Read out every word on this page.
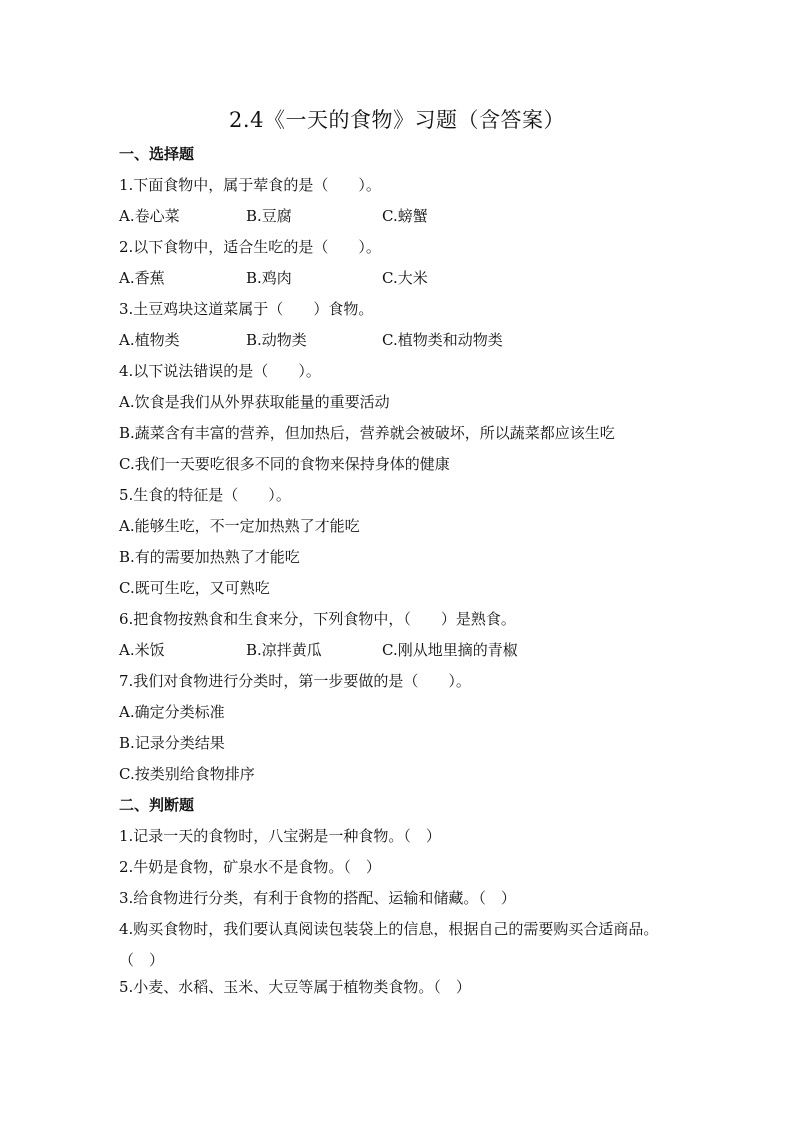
2.4《一天的食物》习题（含答案）
一、选择题
1.下面食物中，属于荤食的是（　　）。
A.卷心菜	B.豆腐	C.螃蟹
2.以下食物中，适合生吃的是（　　）。
A.香蕉	B.鸡肉	C.大米
3.土豆鸡块这道菜属于（　　）食物。
A.植物类	B.动物类	C.植物类和动物类
4.以下说法错误的是（　　）。
A.饮食是我们从外界获取能量的重要活动
B.蔬菜含有丰富的营养，但加热后，营养就会被破坏，所以蔬菜都应该生吃
C.我们一天要吃很多不同的食物来保持身体的健康
5.生食的特征是（　　）。
A.能够生吃，不一定加热熟了才能吃
B.有的需要加热熟了才能吃
C.既可生吃，又可熟吃
6.把食物按熟食和生食来分，下列食物中，（　　）是熟食。
A.米饭	B.凉拌黄瓜	C.刚从地里摘的青椒
7.我们对食物进行分类时，第一步要做的是（　　）。
A.确定分类标准
B.记录分类结果
C.按类别给食物排序
二、判断题
1.记录一天的食物时，八宝粥是一种食物。（　）
2.牛奶是食物，矿泉水不是食物。（　）
3.给食物进行分类，有利于食物的搭配、运输和储藏。（　）
4.购买食物时，我们要认真阅读包装袋上的信息，根据自己的需要购买合适商品。（　）
5.小麦、水稻、玉米、大豆等属于植物类食物。（　）
